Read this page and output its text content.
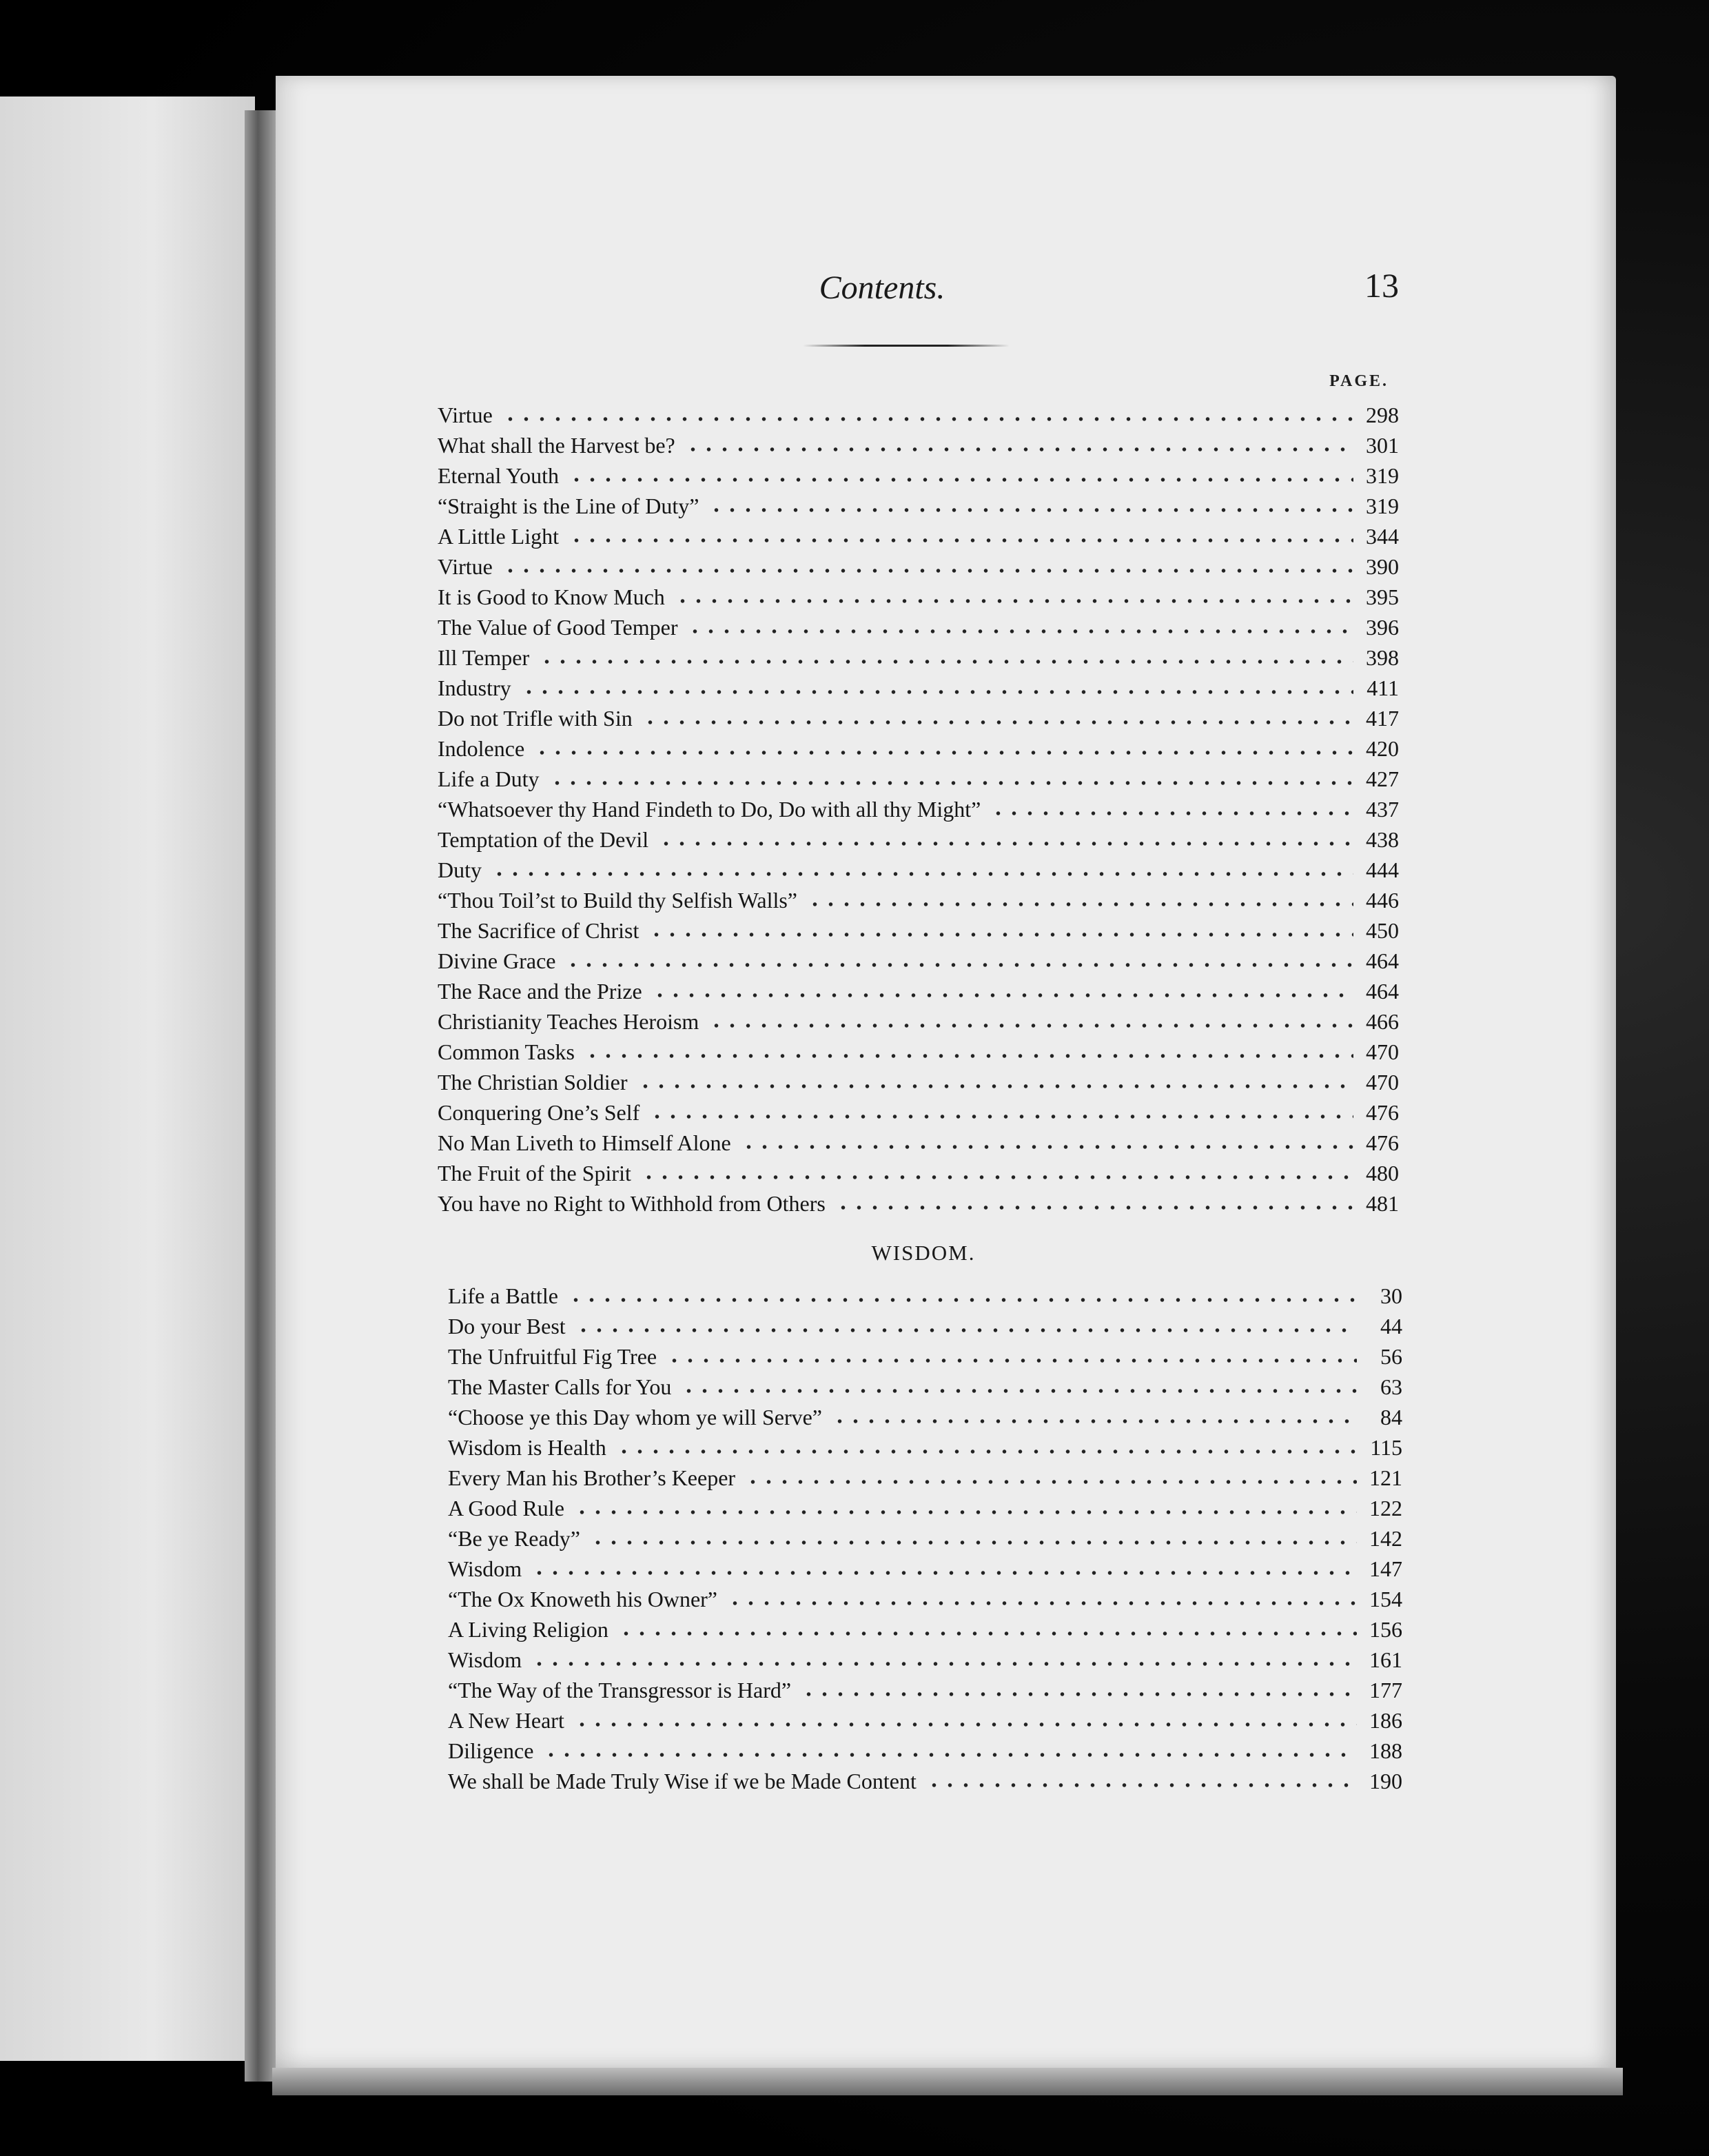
Contents.	13
PAGE.
Virtue	298
What shall the Harvest be?	301
Eternal Youth	319
“Straight is the Line of Duty”	319
A Little Light	344
Virtue	390
It is Good to Know Much	395
The Value of Good Temper	396
Ill Temper	398
Industry	411
Do not Trifle with Sin	417
Indolence	420
Life a Duty	427
“Whatsoever thy Hand Findeth to Do, Do with all thy Might”	437
Temptation of the Devil	438
Duty	444
“Thou Toil’st to Build thy Selfish Walls”	446
The Sacrifice of Christ	450
Divine Grace	464
The Race and the Prize	464
Christianity Teaches Heroism	466
Common Tasks	470
The Christian Soldier	470
Conquering One’s Self	476
No Man Liveth to Himself Alone	476
The Fruit of the Spirit	480
You have no Right to Withhold from Others	481
WISDOM.
Life a Battle	30
Do your Best	44
The Unfruitful Fig Tree	56
The Master Calls for You	63
“Choose ye this Day whom ye will Serve”	84
Wisdom is Health	115
Every Man his Brother’s Keeper	121
A Good Rule	122
“Be ye Ready”	142
Wisdom	147
“The Ox Knoweth his Owner”	154
A Living Religion	156
Wisdom	161
“The Way of the Transgressor is Hard”	177
A New Heart	186
Diligence	188
We shall be Made Truly Wise if we be Made Content	190
